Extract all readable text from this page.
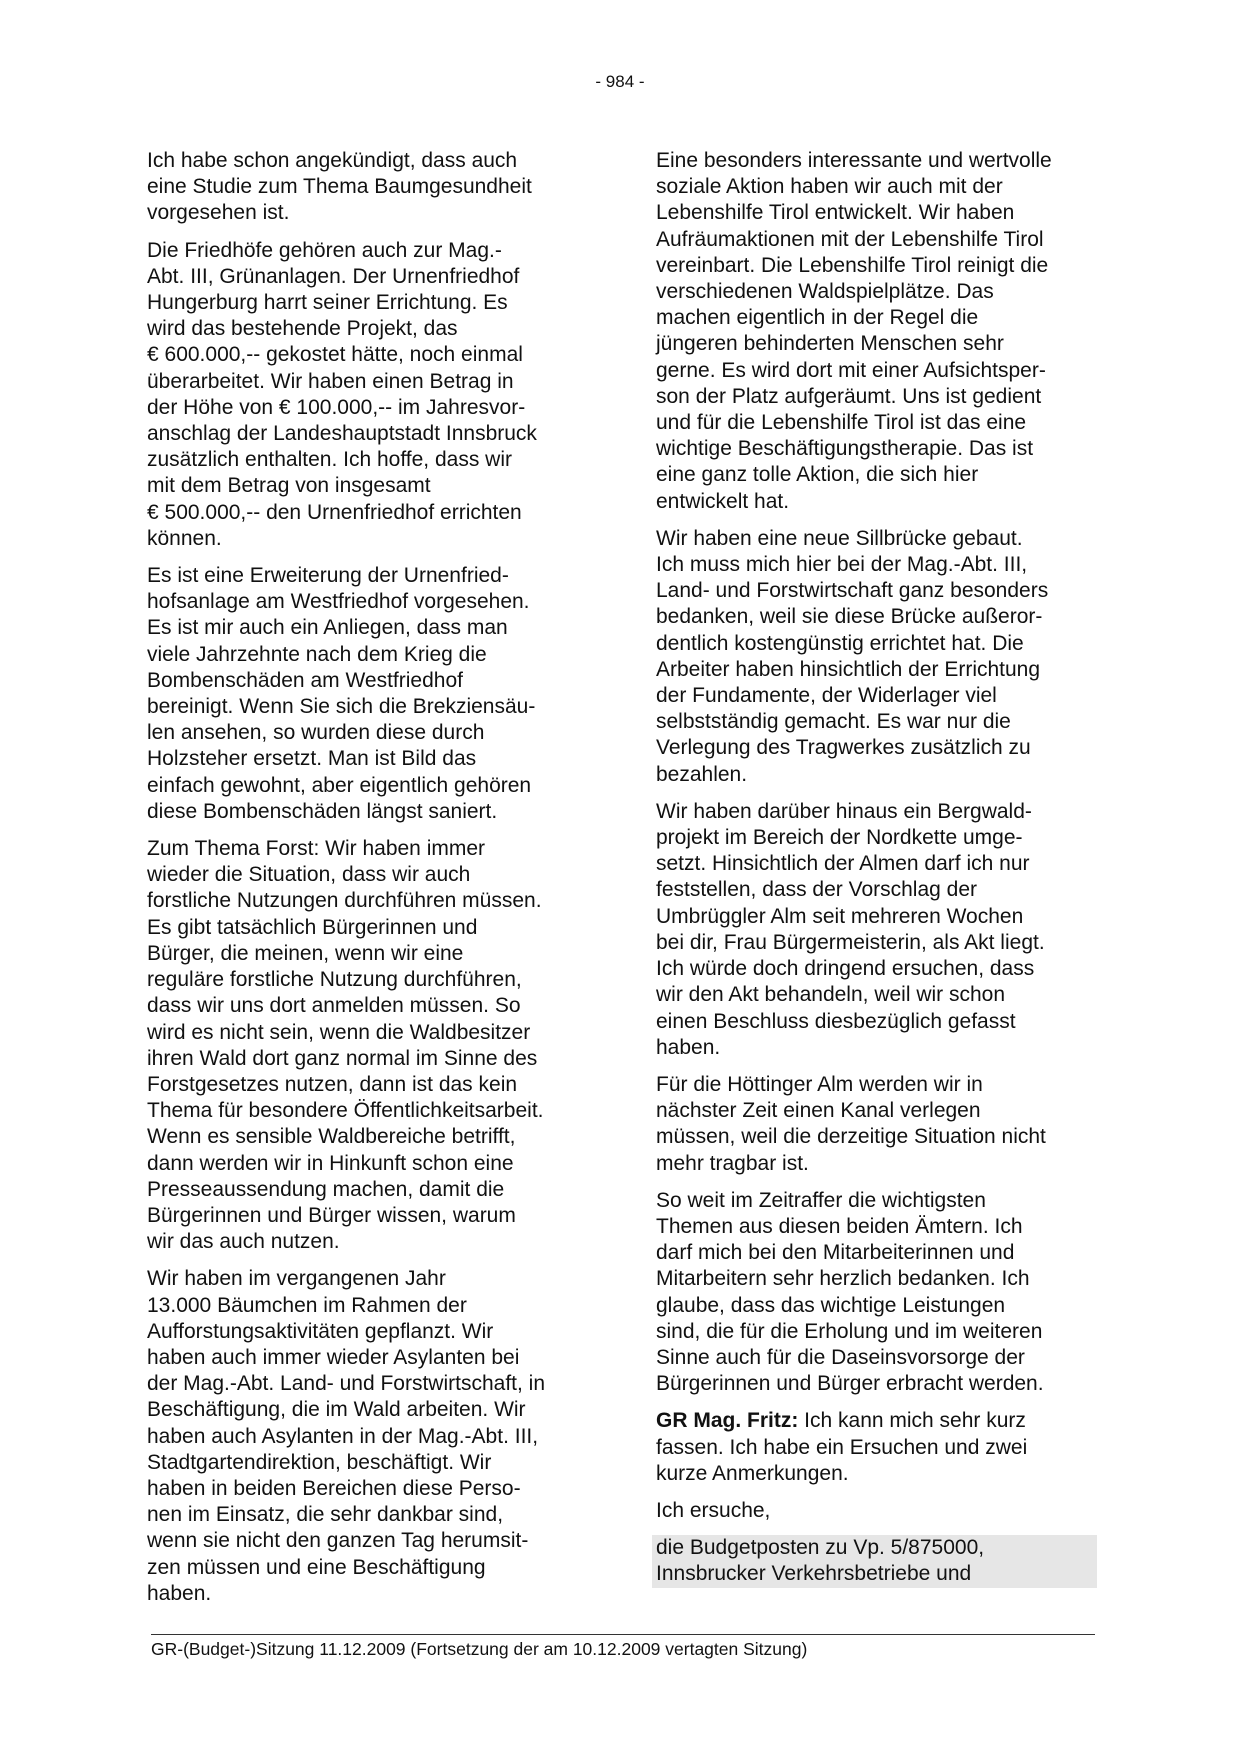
- 984 -

Ich habe schon angekündigt, dass auch
eine Studie zum Thema Baumgesundheit
vorgesehen ist.

Die Friedhöfe gehören auch zur Mag.-
Abt. III, Grünanlagen. Der Urnenfriedhof
Hungerburg harrt seiner Errichtung. Es
wird das bestehende Projekt, das
€ 600.000,-- gekostet hätte, noch einmal
überarbeitet. Wir haben einen Betrag in
der Höhe von € 100.000,-- im Jahresvor-
anschlag der Landeshauptstadt Innsbruck
zusätzlich enthalten. Ich hoffe, dass wir
mit dem Betrag von insgesamt
€ 500.000,-- den Urnenfriedhof errichten
können.

Es ist eine Erweiterung der Urnenfried-
hofsanlage am Westfriedhof vorgesehen.
Es ist mir auch ein Anliegen, dass man
viele Jahrzehnte nach dem Krieg die
Bombenschäden am Westfriedhof
bereinigt. Wenn Sie sich die Brekziensäu-
len ansehen, so wurden diese durch
Holzsteher ersetzt. Man ist Bild das
einfach gewohnt, aber eigentlich gehören
diese Bombenschäden längst saniert.

Zum Thema Forst: Wir haben immer
wieder die Situation, dass wir auch
forstliche Nutzungen durchführen müssen.
Es gibt tatsächlich Bürgerinnen und
Bürger, die meinen, wenn wir eine
reguläre forstliche Nutzung durchführen,
dass wir uns dort anmelden müssen. So
wird es nicht sein, wenn die Waldbesitzer
ihren Wald dort ganz normal im Sinne des
Forstgesetzes nutzen, dann ist das kein
Thema für besondere Öffentlichkeitsarbeit.
Wenn es sensible Waldbereiche betrifft,
dann werden wir in Hinkunft schon eine
Presseaussendung machen, damit die
Bürgerinnen und Bürger wissen, warum
wir das auch nutzen.

Wir haben im vergangenen Jahr
13.000 Bäumchen im Rahmen der
Aufforstungsaktivitäten gepflanzt. Wir
haben auch immer wieder Asylanten bei
der Mag.-Abt. Land- und Forstwirtschaft, in
Beschäftigung, die im Wald arbeiten. Wir
haben auch Asylanten in der Mag.-Abt. III,
Stadtgartendirektion, beschäftigt. Wir
haben in beiden Bereichen diese Perso-
nen im Einsatz, die sehr dankbar sind,
wenn sie nicht den ganzen Tag herumsit-
zen müssen und eine Beschäftigung
haben.

Eine besonders interessante und wertvolle
soziale Aktion haben wir auch mit der
Lebenshilfe Tirol entwickelt. Wir haben
Aufräumaktionen mit der Lebenshilfe Tirol
vereinbart. Die Lebenshilfe Tirol reinigt die
verschiedenen Waldspielplätze. Das
machen eigentlich in der Regel die
jüngeren behinderten Menschen sehr
gerne. Es wird dort mit einer Aufsichtsper-
son der Platz aufgeräumt. Uns ist gedient
und für die Lebenshilfe Tirol ist das eine
wichtige Beschäftigungstherapie. Das ist
eine ganz tolle Aktion, die sich hier
entwickelt hat.

Wir haben eine neue Sillbrücke gebaut.
Ich muss mich hier bei der Mag.-Abt. III,
Land- und Forstwirtschaft ganz besonders
bedanken, weil sie diese Brücke außeror-
dentlich kostengünstig errichtet hat. Die
Arbeiter haben hinsichtlich der Errichtung
der Fundamente, der Widerlager viel
selbstständig gemacht. Es war nur die
Verlegung des Tragwerkes zusätzlich zu
bezahlen.

Wir haben darüber hinaus ein Bergwald-
projekt im Bereich der Nordkette umge-
setzt. Hinsichtlich der Almen darf ich nur
feststellen, dass der Vorschlag der
Umbrüggler Alm seit mehreren Wochen
bei dir, Frau Bürgermeisterin, als Akt liegt.
Ich würde doch dringend ersuchen, dass
wir den Akt behandeln, weil wir schon
einen Beschluss diesbezüglich gefasst
haben.

Für die Höttinger Alm werden wir in
nächster Zeit einen Kanal verlegen
müssen, weil die derzeitige Situation nicht
mehr tragbar ist.

So weit im Zeitraffer die wichtigsten
Themen aus diesen beiden Ämtern. Ich
darf mich bei den Mitarbeiterinnen und
Mitarbeitern sehr herzlich bedanken. Ich
glaube, dass das wichtige Leistungen
sind, die für die Erholung und im weiteren
Sinne auch für die Daseinsvorsorge der
Bürgerinnen und Bürger erbracht werden.

GR Mag. Fritz: Ich kann mich sehr kurz
fassen. Ich habe ein Ersuchen und zwei
kurze Anmerkungen.

Ich ersuche,

die Budgetposten zu Vp. 5/875000,
Innsbrucker Verkehrsbetriebe und

GR-(Budget-)Sitzung 11.12.2009 (Fortsetzung der am 10.12.2009 vertagten Sitzung)
